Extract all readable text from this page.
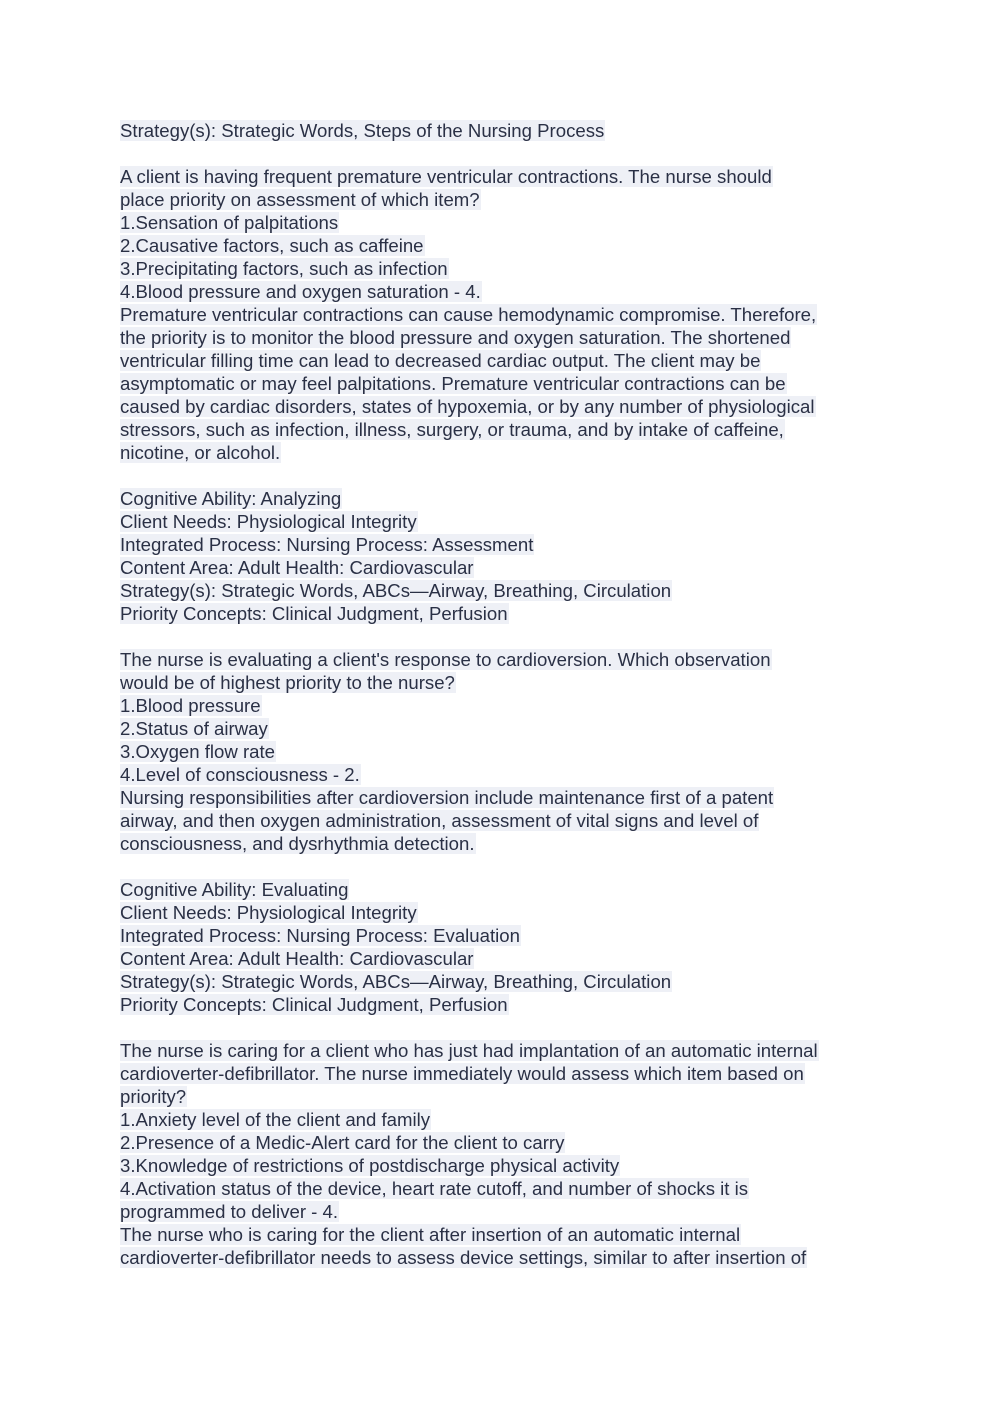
Strategy(s): Strategic Words, Steps of the Nursing Process
A client is having frequent premature ventricular contractions. The nurse should
place priority on assessment of which item?
1.Sensation of palpitations
2.Causative factors, such as caffeine
3.Precipitating factors, such as infection
4.Blood pressure and oxygen saturation - 4.
Premature ventricular contractions can cause hemodynamic compromise. Therefore,
the priority is to monitor the blood pressure and oxygen saturation. The shortened
ventricular filling time can lead to decreased cardiac output. The client may be
asymptomatic or may feel palpitations. Premature ventricular contractions can be
caused by cardiac disorders, states of hypoxemia, or by any number of physiological
stressors, such as infection, illness, surgery, or trauma, and by intake of caffeine,
nicotine, or alcohol.
Cognitive Ability: Analyzing
Client Needs: Physiological Integrity
Integrated Process: Nursing Process: Assessment
Content Area: Adult Health: Cardiovascular
Strategy(s): Strategic Words, ABCs—Airway, Breathing, Circulation
Priority Concepts: Clinical Judgment, Perfusion
The nurse is evaluating a client's response to cardioversion. Which observation
would be of highest priority to the nurse?
1.Blood pressure
2.Status of airway
3.Oxygen flow rate
4.Level of consciousness - 2.
Nursing responsibilities after cardioversion include maintenance first of a patent
airway, and then oxygen administration, assessment of vital signs and level of
consciousness, and dysrhythmia detection.
Cognitive Ability: Evaluating
Client Needs: Physiological Integrity
Integrated Process: Nursing Process: Evaluation
Content Area: Adult Health: Cardiovascular
Strategy(s): Strategic Words, ABCs—Airway, Breathing, Circulation
Priority Concepts: Clinical Judgment, Perfusion
The nurse is caring for a client who has just had implantation of an automatic internal
cardioverter-defibrillator. The nurse immediately would assess which item based on
priority?
1.Anxiety level of the client and family
2.Presence of a Medic-Alert card for the client to carry
3.Knowledge of restrictions of postdischarge physical activity
4.Activation status of the device, heart rate cutoff, and number of shocks it is
programmed to deliver - 4.
The nurse who is caring for the client after insertion of an automatic internal
cardioverter-defibrillator needs to assess device settings, similar to after insertion of
